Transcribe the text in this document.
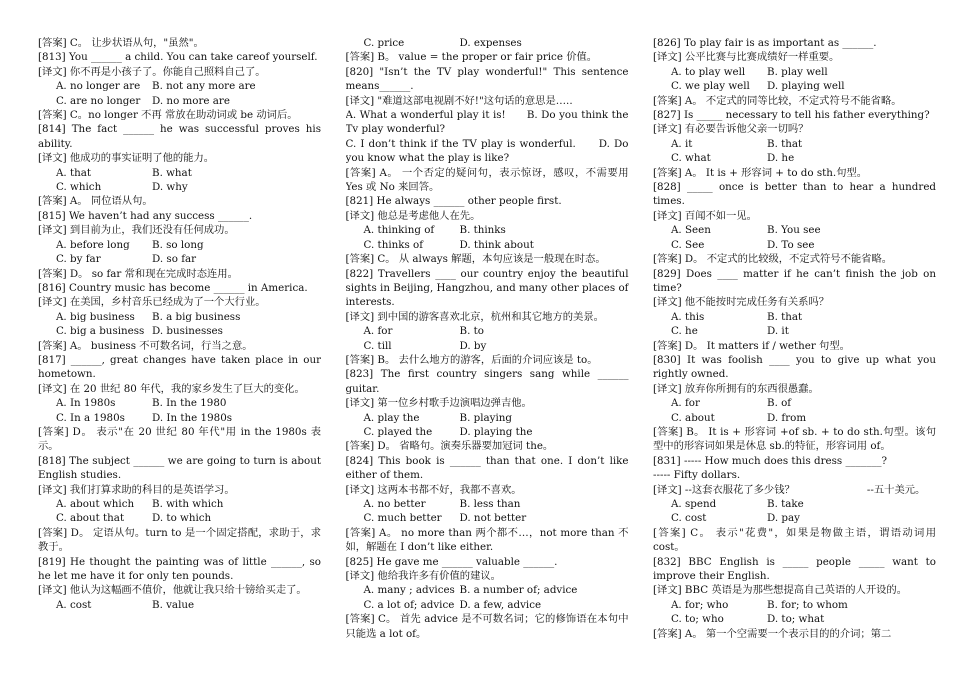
[答案] C。 让步状语从句，"虽然"。

[813] You ______ a child. You can take careof yourself.

[译文] 你不再是小孩子了。你能自己照料自己了。

A. no longer are	B. not any more are
C. are no longer	D. no more are

[答案] C。no longer 不再 常放在助动词或 be 动词后。

[814] The fact ______ he was successful proves his ability.

[译文] 他成功的事实证明了他的能力。

A. that	B. what
C. which	D. why

[答案] A。 同位语从句。

[815] We haven’t had any success ______.

[译文] 到目前为止，我们还没有任何成功。

A. before long	B. so long
C. by far	D. so far

[答案] D。 so far 常和现在完成时态连用。

[816] Country music has become ______ in America.

[译文] 在美国，乡村音乐已经成为了一个大行业。

A. big business	B. a big business
C. big a business D. businesses

[答案] A。 business 不可数名词，行当之意。

[817] ______, great changes have taken place in our hometown.

[译文] 在 20 世纪 80 年代，我的家乡发生了巨大的变化。

A. In 1980s	B. In the 1980
C. In a 1980s	D. In the 1980s

[答案] D。 表示"在 20 世纪 80 年代"用 in the 1980s 表示。

[818] The subject ______ we are going to turn is about English studies.

[译文] 我们打算求助的科目的是英语学习。

A. about which	B. with which
C. about that	D. to which

[答案] D。 定语从句。turn to 是一个固定搭配，求助于，求教于。

[819] He thought the painting was of little ______, so he let me have it for only ten pounds.

[译文] 他认为这幅画不值价，他就让我只给十镑给买走了。

A. cost	B. value
C. price	D. expenses

[答案] B。 value = the proper or fair price 价值。

[820] "Isn’t the TV play wonderful!" This sentence means______.

[译文] "难道这部电视剧不好!"这句话的意思是…..

A. What a wonderful play it is!　　B. Do you think the Tv play wonderful?

C. I don’t think if the TV play is wonderful.　　D. Do you know what the play is like?

[答案] A。 一个否定的疑问句，表示惊讶，感叹，不需要用 Yes 或 No 来回答。

[821] He always ______ other people first.

[译文] 他总是考虑他人在先。

A. thinking of	B. thinks
C. thinks of	D. think about

[答案] C。 从 always 解题，本句应该是一般现在时态。

[822] Travellers ____ our country enjoy the beautiful sights in Beijing, Hangzhou, and many other places of interests.

[译文] 到中国的游客喜欢北京，杭州和其它地方的美景。

A. for	B. to
C. till	D. by

[答案] B。 去什么地方的游客，后面的介词应该是 to。

[823] The first country singers sang while ______ guitar.

[译文] 第一位乡村歌手边演唱边弹吉他。

A. play the	B. playing
C. played the	D. playing the

[答案] D。 省略句。演奏乐器要加冠词 the。

[824] This book is ______ than that one. I don’t like either of them.

[译文] 这两本书都不好，我都不喜欢。

A. no better	B. less than
C. much better	D. not better

[答案] A。 no more than 两个都不…，not more than 不如，解题在 I don’t like either.

[825] He gave me ______ valuable ______.

[译文] 他给我许多有价值的建议。

A. many ; advices B. a number of; advice
C. a lot of; advice D. a few, advice

[答案] C。 首先 advice 是不可数名词；它的修饰语在本句中只能选 a lot of。

[826] To play fair is as important as ______.

[译文] 公平比赛与比赛成绩好一样重要。

A. to play well	B. play well
C. we play well	D. playing well

[答案] A。 不定式的同等比较，不定式符号不能省略。

[827] Is _____ necessary to tell his father everything?

[译文] 有必要告诉他父亲一切吗？

A. it	B. that
C. what	D. he

[答案] A。 It is + 形容词 + to do sth.句型。

[828] _____ once is better than to hear a hundred times.

[译文] 百闻不如一见。

A. Seen	B. You see
C. See	D. To see

[答案] D。 不定式的比较级，不定式符号不能省略。

[829] Does ____ matter if he can’t finish the job on time?

[译文] 他不能按时完成任务有关系吗？

A. this	B. that
C. he	D. it

[答案] D。 It matters if / wether 句型。

[830] It was foolish ____ you to give up what you rightly owned.

[译文] 放弃你所拥有的东西很愚蠢。

A. for	B. of
C. about	D. from

[答案] B。 It is + 形容词 +of sb. + to do sth.句型。该句型中的形容词如果是休息 sb.的特征，形容词用 of。

[831] ----- How much does this dress _______?

----- Fifty dollars.

[译文] --这套衣服花了多少钱？　　　　　　　--五十美元。

A. spend	B. take
C. cost	D. pay

[答案] C。 表示"花费"，如果是物做主语，谓语动词用 cost。

[832] BBC English is _____ people _____ want to improve their English.

[译文] BBC 英语是为那些想提高自己英语的人开设的。

A. for; who	B. for; to whom
C. to; who	D. to; what

[答案] A。 第一个空需要一个表示目的的介词；第二
